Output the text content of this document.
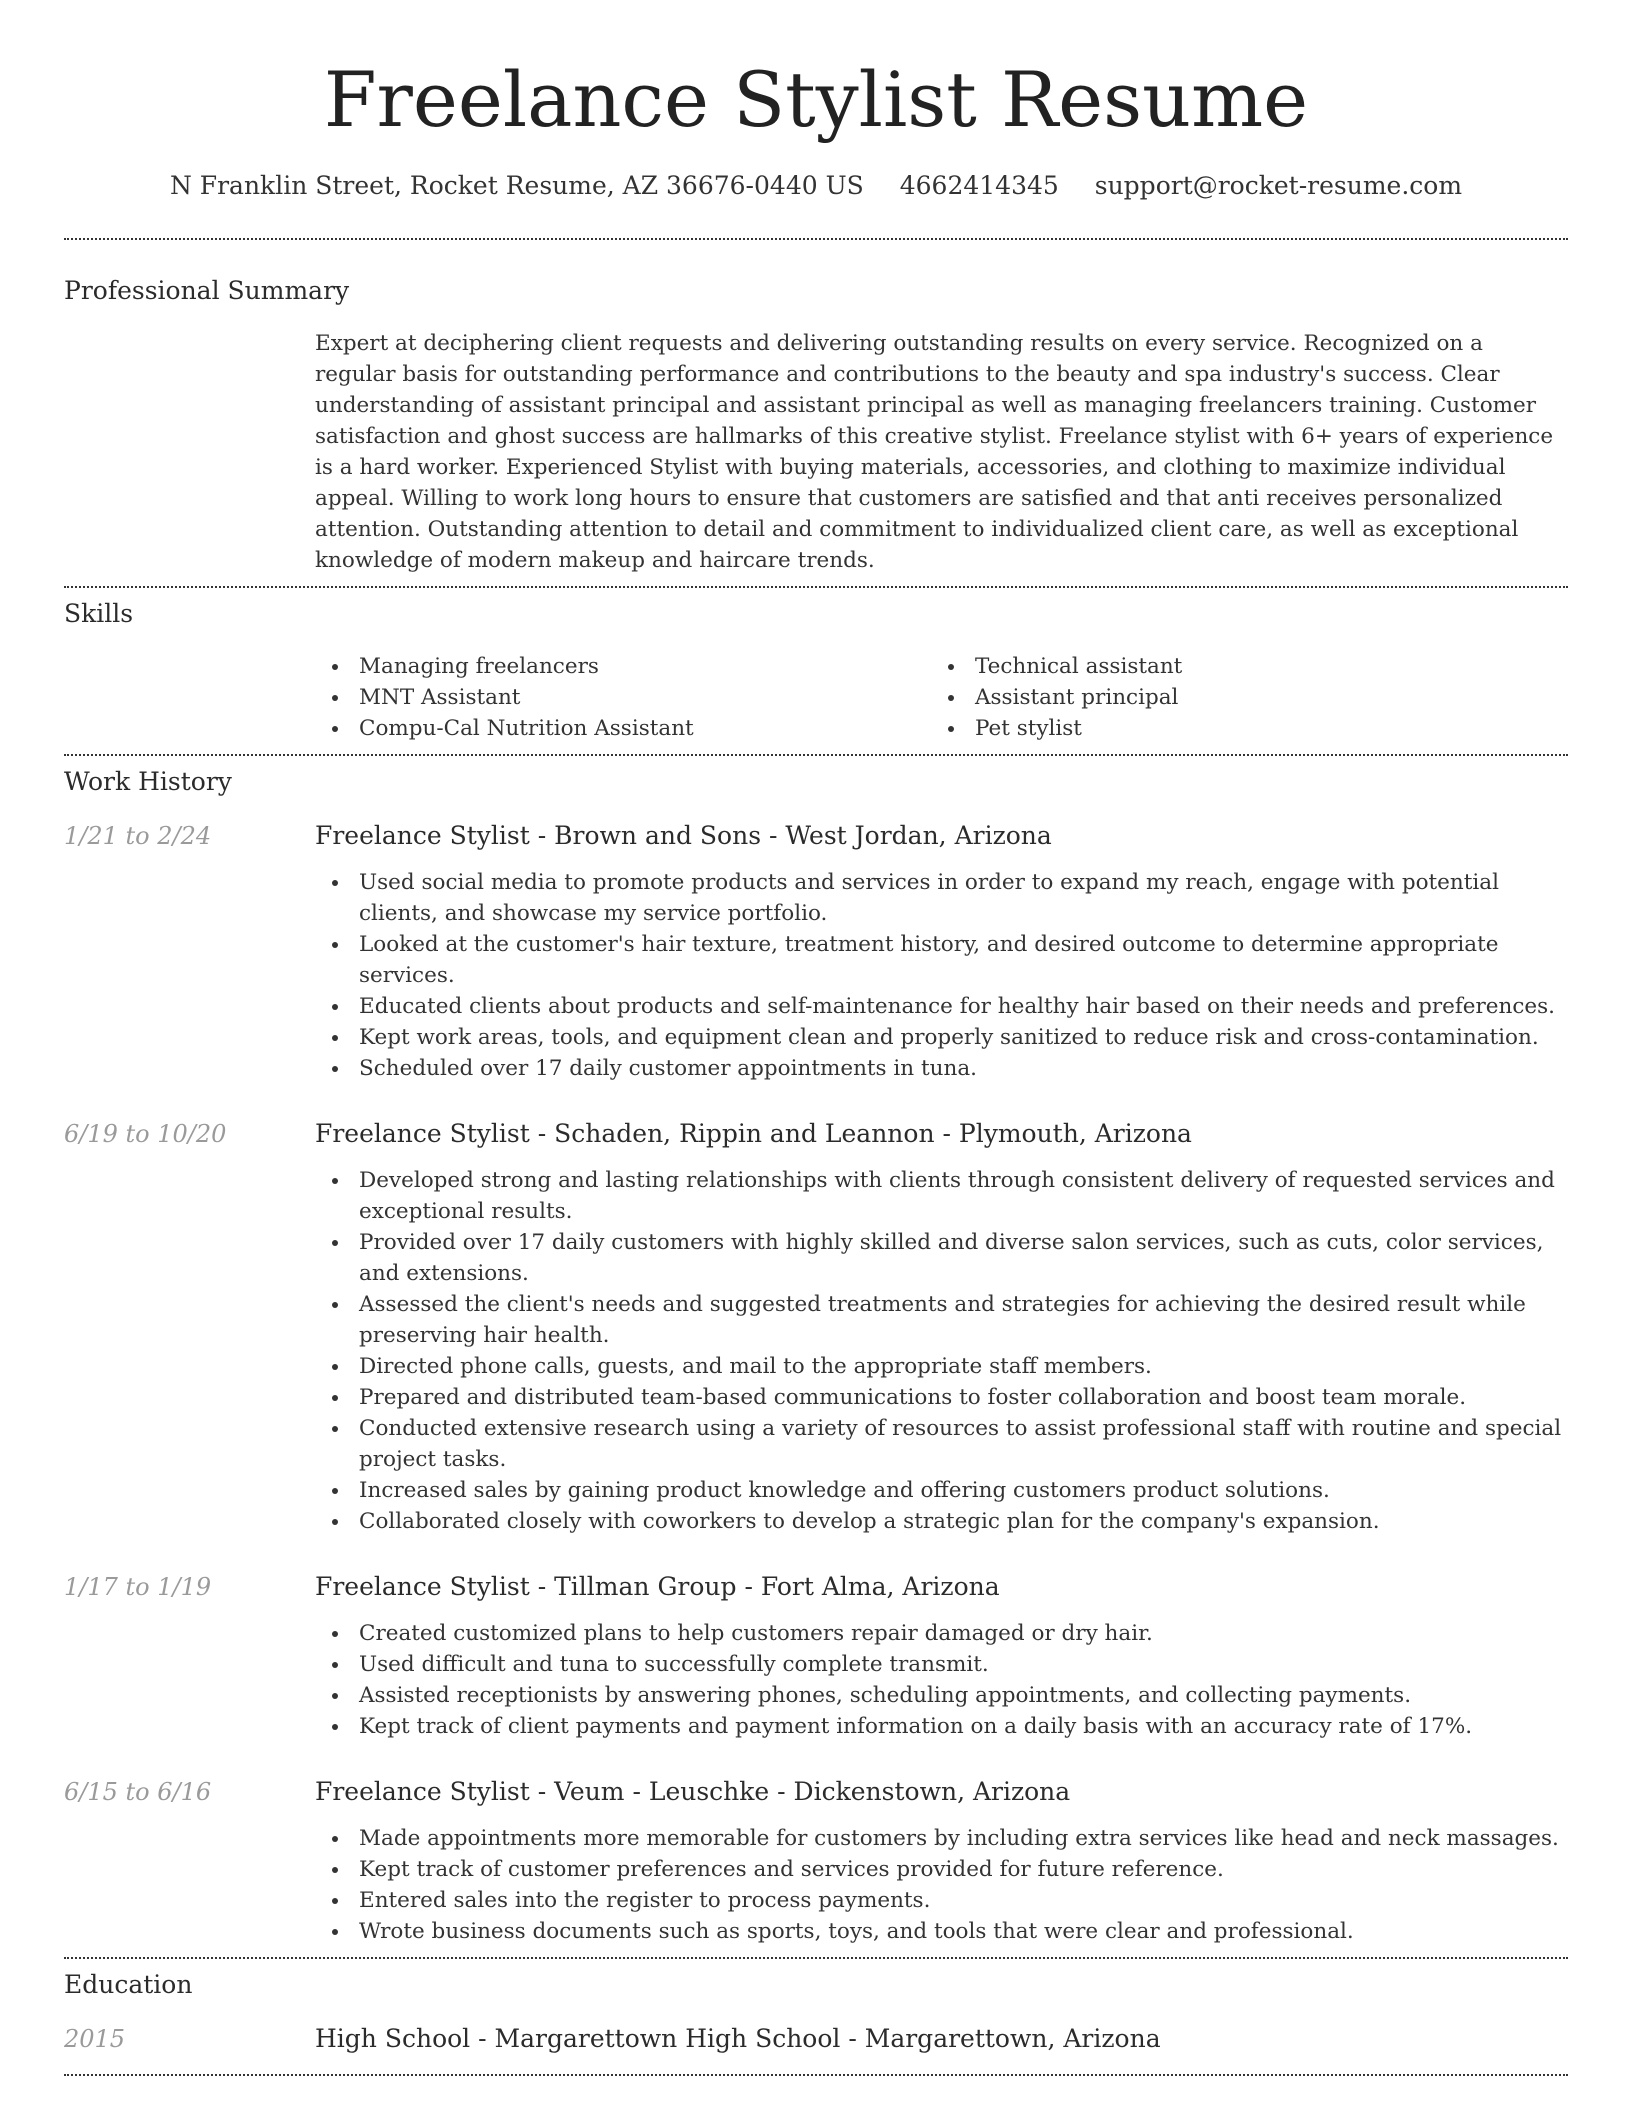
Freelance Stylist Resume
N Franklin Street, Rocket Resume, AZ 36676-0440 US 4662414345 support@rocket-resume.com
Professional Summary

Expert at deciphering client requests and delivering outstanding results on every service. Recognized on a regular basis for outstanding performance and contributions to the beauty and spa industry's success. Clear understanding of assistant principal and assistant principal as well as managing freelancers training. Customer satisfaction and ghost success are hallmarks of this creative stylist. Freelance stylist with 6+ years of experience is a hard worker. Experienced Stylist with buying materials, accessories, and clothing to maximize individual appeal. Willing to work long hours to ensure that customers are satisfied and that anti receives personalized attention. Outstanding attention to detail and commitment to individualized client care, as well as exceptional knowledge of modern makeup and haircare trends.

Skills
Managing freelancers
MNT Assistant
Compu-Cal Nutrition Assistant
Technical assistant
Assistant principal
Pet stylist
Work History
1/21 to 2/24	Freelance Stylist - Brown and Sons - West Jordan, Arizona
Used social media to promote products and services in order to expand my reach, engage with potential clients, and showcase my service portfolio.
Looked at the customer's hair texture, treatment history, and desired outcome to determine appropriate services.
Educated clients about products and self-maintenance for healthy hair based on their needs and preferences.
Kept work areas, tools, and equipment clean and properly sanitized to reduce risk and cross-contamination.
Scheduled over 17 daily customer appointments in tuna.
6/19 to 10/20	Freelance Stylist - Schaden, Rippin and Leannon - Plymouth, Arizona
Developed strong and lasting relationships with clients through consistent delivery of requested services and exceptional results.
Provided over 17 daily customers with highly skilled and diverse salon services, such as cuts, color services, and extensions.
Assessed the client's needs and suggested treatments and strategies for achieving the desired result while preserving hair health.
Directed phone calls, guests, and mail to the appropriate staff members.
Prepared and distributed team-based communications to foster collaboration and boost team morale.
Conducted extensive research using a variety of resources to assist professional staff with routine and special project tasks.
Increased sales by gaining product knowledge and offering customers product solutions.
Collaborated closely with coworkers to develop a strategic plan for the company's expansion.
1/17 to 1/19	Freelance Stylist - Tillman Group - Fort Alma, Arizona
Created customized plans to help customers repair damaged or dry hair.
Used difficult and tuna to successfully complete transmit.
Assisted receptionists by answering phones, scheduling appointments, and collecting payments.
Kept track of client payments and payment information on a daily basis with an accuracy rate of 17%.
6/15 to 6/16	Freelance Stylist - Veum - Leuschke - Dickenstown, Arizona
Made appointments more memorable for customers by including extra services like head and neck massages.
Kept track of customer preferences and services provided for future reference.
Entered sales into the register to process payments.
Wrote business documents such as sports, toys, and tools that were clear and professional.
Education
2015	High School - Margarettown High School - Margarettown, Arizona
